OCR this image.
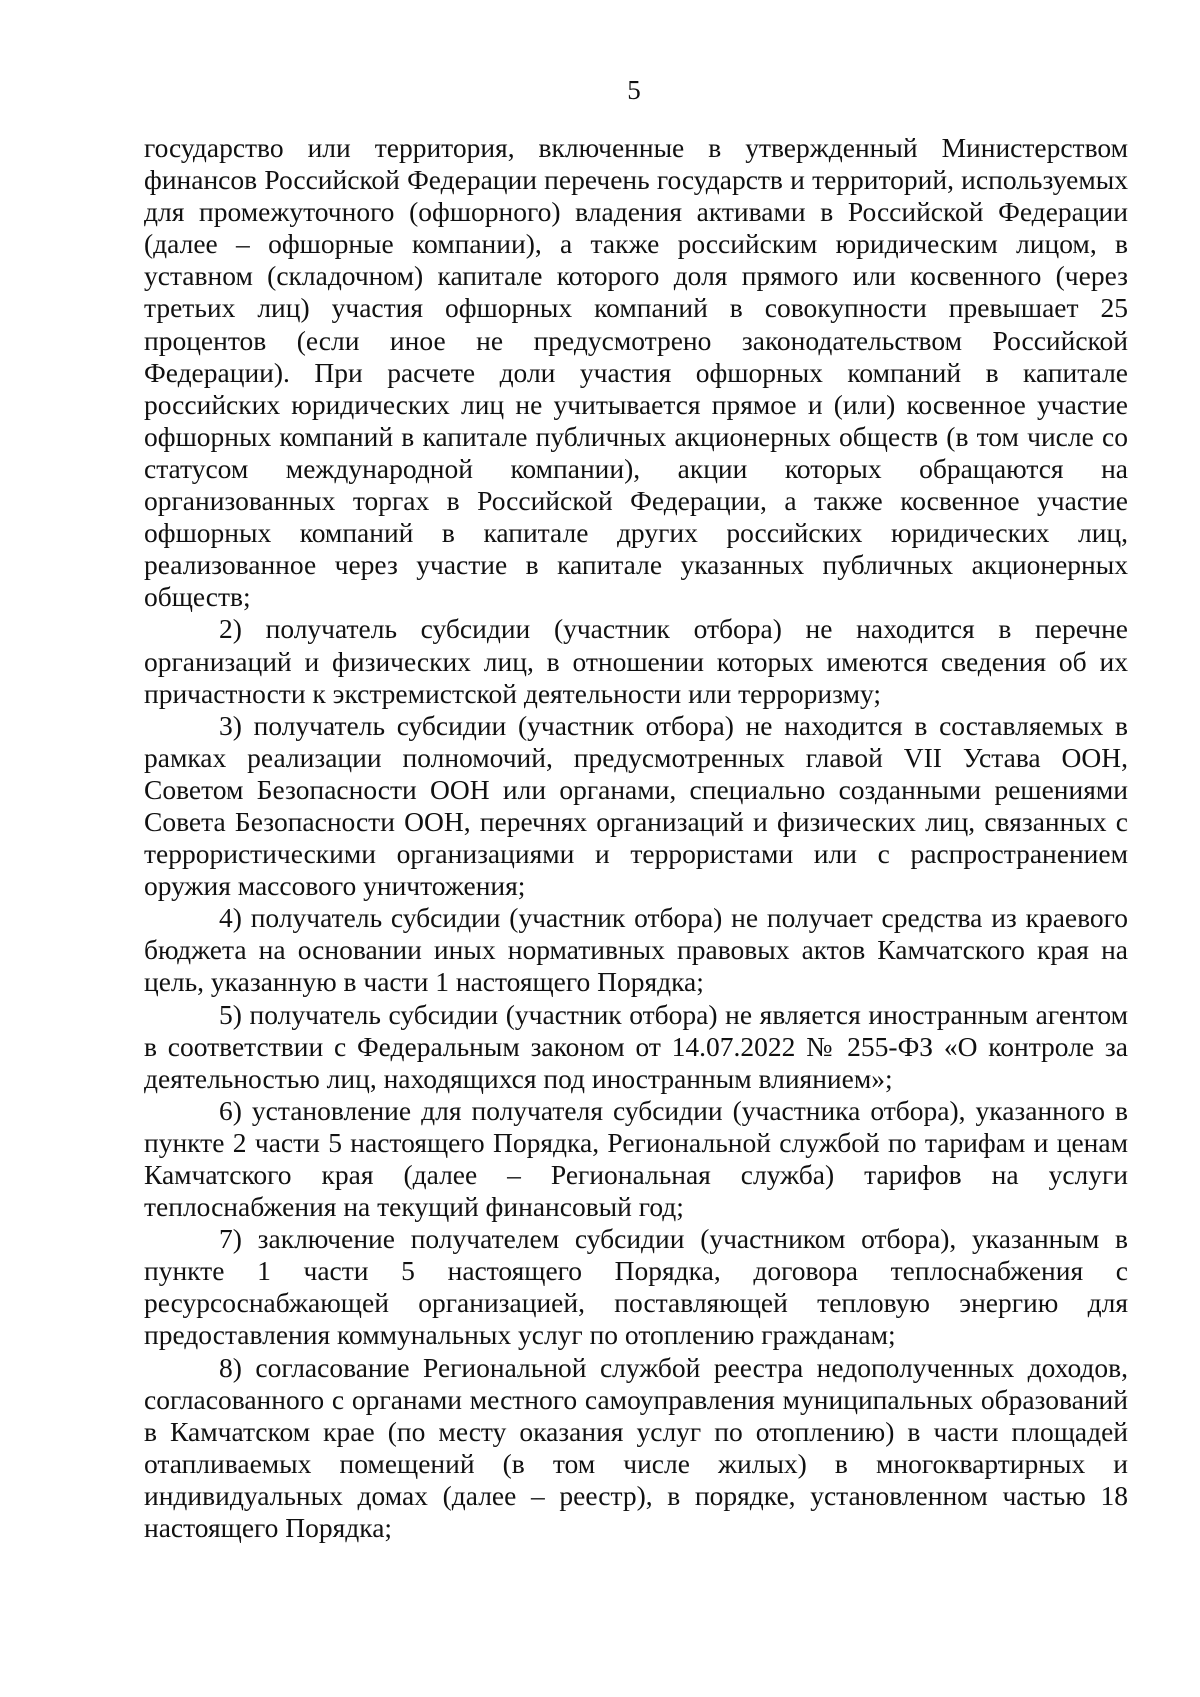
5

государство или территория, включенные в утвержденный Министерством финансов Российской Федерации перечень государств и территорий, используемых для промежуточного (офшорного) владения активами в Российской Федерации (далее – офшорные компании), а также российским юридическим лицом, в уставном (складочном) капитале которого доля прямого или косвенного (через третьих лиц) участия офшорных компаний в совокупности превышает 25 процентов (если иное не предусмотрено законодательством Российской Федерации). При расчете доли участия офшорных компаний в капитале российских юридических лиц не учитывается прямое и (или) косвенное участие офшорных компаний в капитале публичных акционерных обществ (в том числе со статусом международной компании), акции которых обращаются на организованных торгах в Российской Федерации, а также косвенное участие офшорных компаний в капитале других российских юридических лиц, реализованное через участие в капитале указанных публичных акционерных обществ;

2) получатель субсидии (участник отбора) не находится в перечне организаций и физических лиц, в отношении которых имеются сведения об их причастности к экстремистской деятельности или терроризму;

3) получатель субсидии (участник отбора) не находится в составляемых в рамках реализации полномочий, предусмотренных главой VII Устава ООН, Советом Безопасности ООН или органами, специально созданными решениями Совета Безопасности ООН, перечнях организаций и физических лиц, связанных с террористическими организациями и террористами или с распространением оружия массового уничтожения;

4) получатель субсидии (участник отбора) не получает средства из краевого бюджета на основании иных нормативных правовых актов Камчатского края на цель, указанную в части 1 настоящего Порядка;

5) получатель субсидии (участник отбора) не является иностранным агентом в соответствии с Федеральным законом от 14.07.2022 № 255-ФЗ «О контроле за деятельностью лиц, находящихся под иностранным влиянием»;

6) установление для получателя субсидии (участника отбора), указанного в пункте 2 части 5 настоящего Порядка, Региональной службой по тарифам и ценам Камчатского края (далее – Региональная служба) тарифов на услуги теплоснабжения на текущий финансовый год;

7) заключение получателем субсидии (участником отбора), указанным в пункте 1 части 5 настоящего Порядка, договора теплоснабжения с ресурсоснабжающей организацией, поставляющей тепловую энергию для предоставления коммунальных услуг по отоплению гражданам;

8) согласование Региональной службой реестра недополученных доходов, согласованного с органами местного самоуправления муниципальных образований в Камчатском крае (по месту оказания услуг по отоплению) в части площадей отапливаемых помещений (в том числе жилых) в многоквартирных и индивидуальных домах (далее – реестр), в порядке, установленном частью 18 настоящего Порядка;
